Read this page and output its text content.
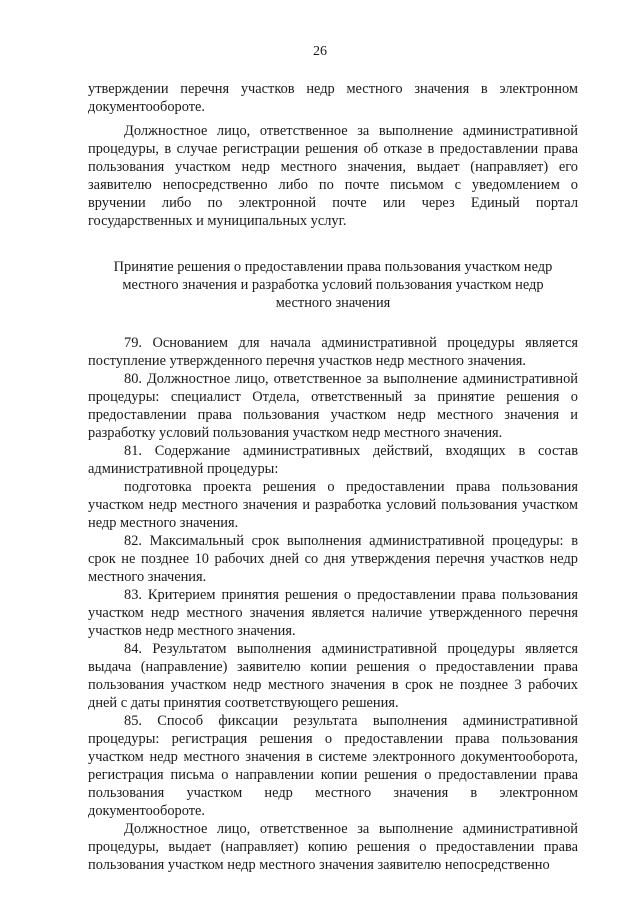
26

утверждении перечня участков недр местного значения в электронном документообороте.

Должностное лицо, ответственное за выполнение административной процедуры, в случае регистрации решения об отказе в предоставлении права пользования участком недр местного значения, выдает (направляет) его заявителю непосредственно либо по почте письмом с уведомлением о вручении либо по электронной почте или через Единый портал государственных и муниципальных услуг.

Принятие решения о предоставлении права пользования участком недр местного значения и разработка условий пользования участком недр местного значения

79. Основанием для начала административной процедуры является поступление утвержденного перечня участков недр местного значения.

80. Должностное лицо, ответственное за выполнение административной процедуры: специалист Отдела, ответственный за принятие решения о предоставлении права пользования участком недр местного значения и разработку условий пользования участком недр местного значения.

81. Содержание административных действий, входящих в состав административной процедуры:

подготовка проекта решения о предоставлении права пользования участком недр местного значения и разработка условий пользования участком недр местного значения.

82. Максимальный срок выполнения административной процедуры: в срок не позднее 10 рабочих дней со дня утверждения перечня участков недр местного значения.

83. Критерием принятия решения о предоставлении права пользования участком недр местного значения является наличие утвержденного перечня участков недр местного значения.

84. Результатом выполнения административной процедуры является выдача (направление) заявителю копии решения о предоставлении права пользования участком недр местного значения в срок не позднее 3 рабочих дней с даты принятия соответствующего решения.

85. Способ фиксации результата выполнения административной процедуры: регистрация решения о предоставлении права пользования участком недр местного значения в системе электронного документооборота, регистрация письма о направлении копии решения о предоставлении права пользования участком недр местного значения в электронном документообороте.

Должностное лицо, ответственное за выполнение административной процедуры, выдает (направляет) копию решения о предоставлении права пользования участком недр местного значения заявителю непосредственно
